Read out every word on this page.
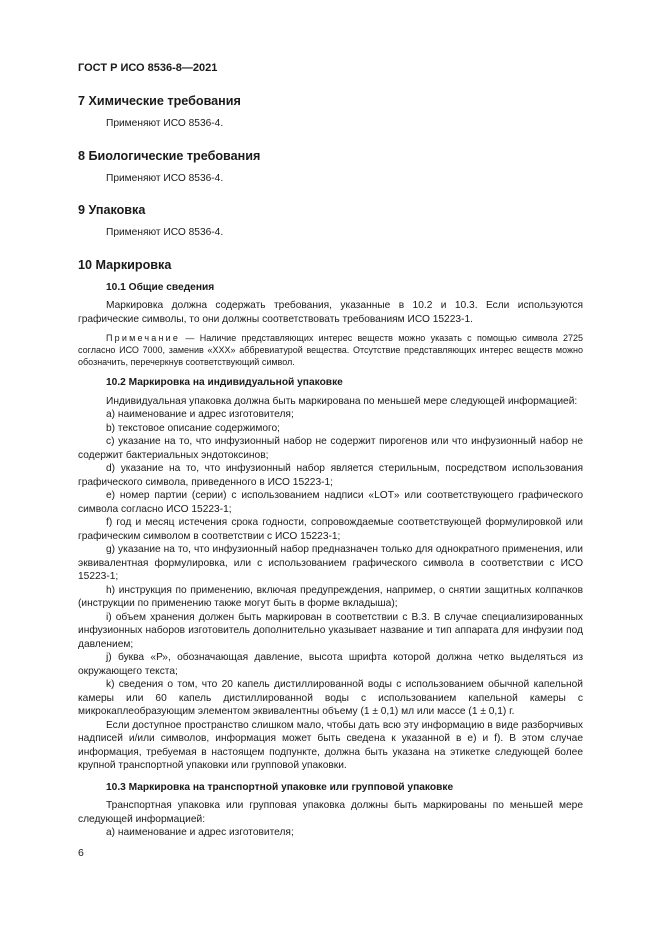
ГОСТ Р ИСО 8536-8—2021
7 Химические требования

Применяют ИСО 8536-4.

8 Биологические требования

Применяют ИСО 8536-4.

9 Упаковка

Применяют ИСО 8536-4.

10 Маркировка
10.1 Общие сведения

Маркировка должна содержать требования, указанные в 10.2 и 10.3. Если используются графические символы, то они должны соответствовать требованиям ИСО 15223-1.

Примечание — Наличие представляющих интерес веществ можно указать с помощью символа 2725 согласно ИСО 7000, заменив «ХХХ» аббревиатурой вещества. Отсутствие представляющих интерес веществ можно обозначить, перечеркнув соответствующий символ.

10.2 Маркировка на индивидуальной упаковке

Индивидуальная упаковка должна быть маркирована по меньшей мере следующей информацией:

а) наименование и адрес изготовителя;

b) текстовое описание содержимого;

c) указание на то, что инфузионный набор не содержит пирогенов или что инфузионный набор не содержит бактериальных эндотоксинов;

d) указание на то, что инфузионный набор является стерильным, посредством использования графического символа, приведенного в ИСО 15223-1;

e) номер партии (серии) с использованием надписи «LOT» или соответствующего графического символа согласно ИСО 15223-1;

f) год и месяц истечения срока годности, сопровождаемые соответствующей формулировкой или графическим символом в соответствии с ИСО 15223-1;

g) указание на то, что инфузионный набор предназначен только для однократного применения, или эквивалентная формулировка, или с использованием графического символа в соответствии с ИСО 15223-1;

h) инструкция по применению, включая предупреждения, например, о снятии защитных колпачков (инструкции по применению также могут быть в форме вкладыша);

i) объем хранения должен быть маркирован в соответствии с В.3. В случае специализированных инфузионных наборов изготовитель дополнительно указывает название и тип аппарата для инфузии под давлением;

j) буква «Р», обозначающая давление, высота шрифта которой должна четко выделяться из окружающего текста;

k) сведения о том, что 20 капель дистиллированной воды с использованием обычной капельной камеры или 60 капель дистиллированной воды с использованием капельной камеры с микрокаплеобразующим элементом эквивалентны объему (1 ± 0,1) мл или массе (1 ± 0,1) г.

Если доступное пространство слишком мало, чтобы дать всю эту информацию в виде разборчивых надписей и/или символов, информация может быть сведена к указанной в е) и f). В этом случае информация, требуемая в настоящем подпункте, должна быть указана на этикетке следующей более крупной транспортной упаковки или групповой упаковки.

10.3 Маркировка на транспортной упаковке или групповой упаковке

Транспортная упаковка или групповая упаковка должны быть маркированы по меньшей мере следующей информацией:

а) наименование и адрес изготовителя;

6
